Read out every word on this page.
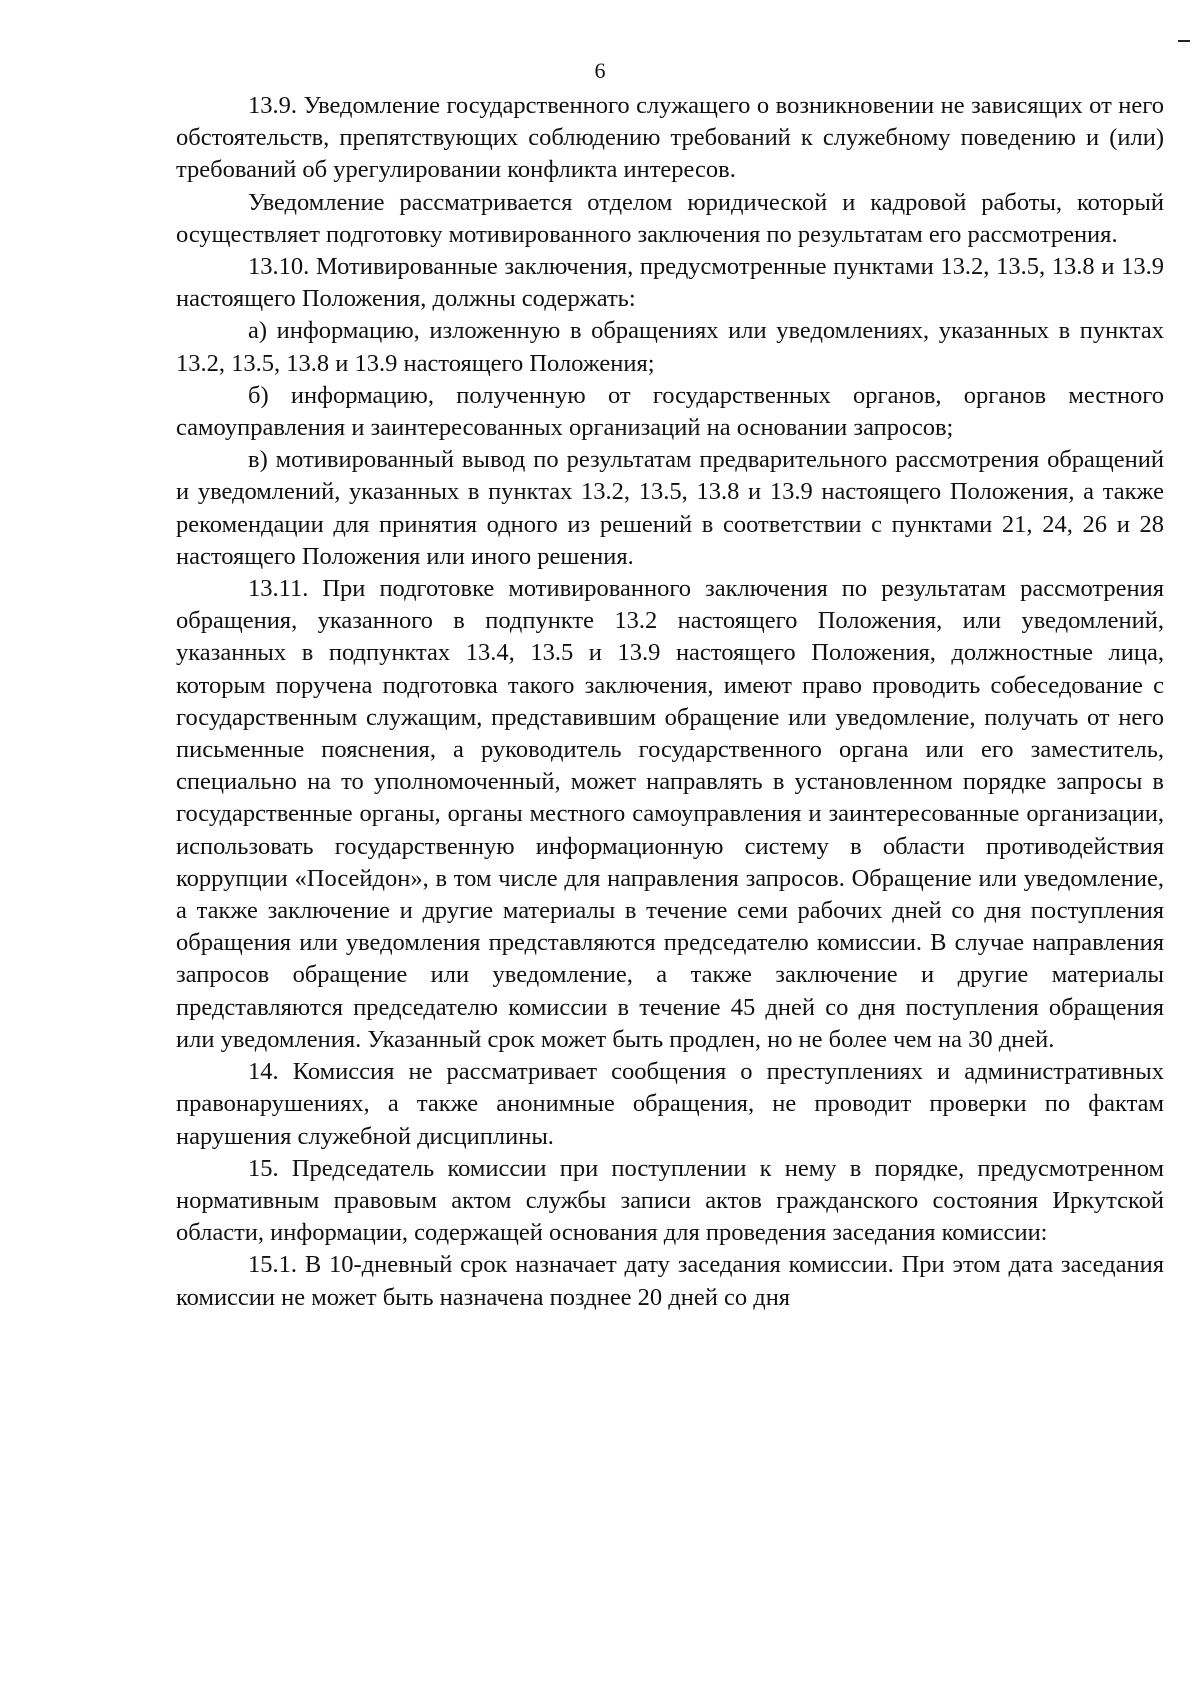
6

13.9. Уведомление государственного служащего о возникновении не зависящих от него обстоятельств, препятствующих соблюдению требований к служебному поведению и (или) требований об урегулировании конфликта интересов.

Уведомление рассматривается отделом юридической и кадровой работы, который осуществляет подготовку мотивированного заключения по результатам его рассмотрения.

13.10. Мотивированные заключения, предусмотренные пунктами 13.2, 13.5, 13.8 и 13.9 настоящего Положения, должны содержать:

а) информацию, изложенную в обращениях или уведомлениях, указанных в пунктах 13.2, 13.5, 13.8 и 13.9 настоящего Положения;

б) информацию, полученную от государственных органов, органов местного самоуправления и заинтересованных организаций на основании запросов;

в) мотивированный вывод по результатам предварительного рассмотрения обращений и уведомлений, указанных в пунктах 13.2, 13.5, 13.8 и 13.9 настоящего Положения, а также рекомендации для принятия одного из решений в соответствии с пунктами 21, 24, 26 и 28 настоящего Положения или иного решения.

13.11. При подготовке мотивированного заключения по результатам рассмотрения обращения, указанного в подпункте 13.2 настоящего Положения, или уведомлений, указанных в подпунктах 13.4, 13.5 и 13.9 настоящего Положения, должностные лица, которым поручена подготовка такого заключения, имеют право проводить собеседование с государственным служащим, представившим обращение или уведомление, получать от него письменные пояснения, а руководитель государственного органа или его заместитель, специально на то уполномоченный, может направлять в установленном порядке запросы в государственные органы, органы местного самоуправления и заинтересованные организации, использовать государственную информационную систему в области противодействия коррупции «Посейдон», в том числе для направления запросов. Обращение или уведомление, а также заключение и другие материалы в течение семи рабочих дней со дня поступления обращения или уведомления представляются председателю комиссии. В случае направления запросов обращение или уведомление, а также заключение и другие материалы представляются председателю комиссии в течение 45 дней со дня поступления обращения или уведомления. Указанный срок может быть продлен, но не более чем на 30 дней.

14. Комиссия не рассматривает сообщения о преступлениях и административных правонарушениях, а также анонимные обращения, не проводит проверки по фактам нарушения служебной дисциплины.

15. Председатель комиссии при поступлении к нему в порядке, предусмотренном нормативным правовым актом службы записи актов гражданского состояния Иркутской области, информации, содержащей основания для проведения заседания комиссии:

15.1. В 10-дневный срок назначает дату заседания комиссии. При этом дата заседания комиссии не может быть назначена позднее 20 дней со дня
